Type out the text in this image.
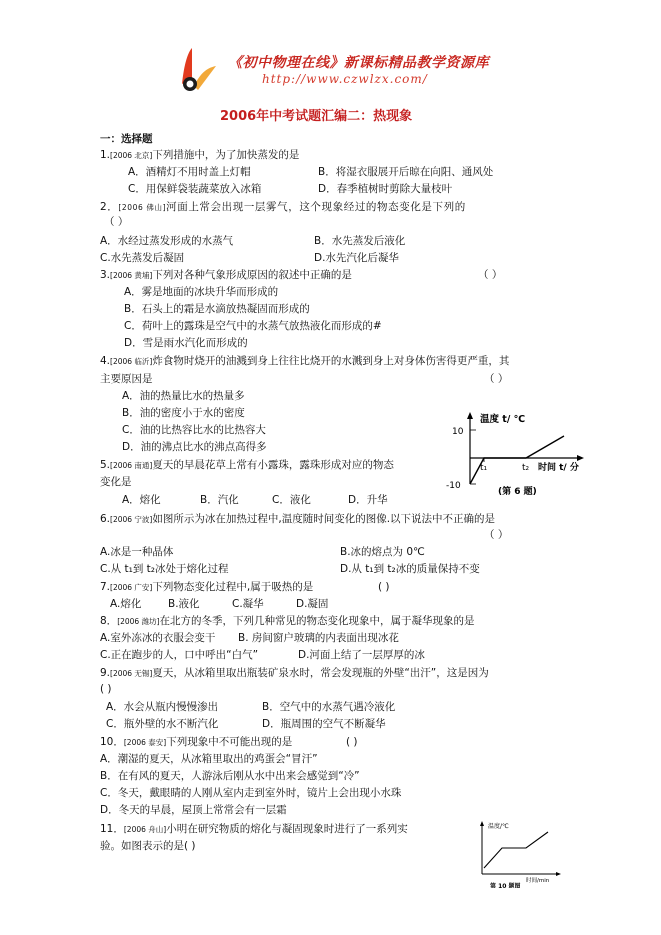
《初中物理在线》新课标精品教学资源库
http://www.czwlzx.com/
2006年中考试题汇编二：热现象
一：选择题
1.[2006 北京]下列措施中，为了加快蒸发的是
A．酒精灯不用时盖上灯帽	B．将湿衣服展开后晾在向阳、通风处
C．用保鲜袋装蔬菜放入冰箱	D．春季植树时剪除大量枝叶
2．[2006 佛山]河面上常会出现一层雾气，这个现象经过的物态变化是下列的
（ ）
A．水经过蒸发形成的水蒸气	B．水先蒸发后液化
C.水先蒸发后凝固	D.水先汽化后凝华
3.[2006 黄埔]下列对各种气象形成原因的叙述中正确的是	（ ）
A．雾是地面的冰块升华而形成的
B．石头上的霜是水滴放热凝固而形成的
C．荷叶上的露珠是空气中的水蒸气放热液化而形成的#
D．雪是雨水汽化而形成的
4.[2006 临沂]炸食物时烧开的油溅到身上往往比烧开的水溅到身上对身体伤害得更严重，其
主要原因是	（ ）
A．油的热量比水的热量多
B．油的密度小于水的密度
C．油的比热容比水的比热容大
D．油的沸点比水的沸点高得多
温度 t/ ℃
10
-10
t₁	t₂ 时间 t/ 分
(第 6 题)
5.[2006 南通]夏天的早晨花草上常有小露珠，露珠形成对应的物态
变化是
A．熔化	B．汽化	C．液化	D．升华
6.[2006 宁波]如图所示为冰在加热过程中,温度随时间变化的图像.以下说法中不正确的是
（ ）
A.冰是一种晶体	B.冰的熔点为 0℃
C.从 t₁到 t₂冰处于熔化过程	D.从 t₁到 t₂冰的质量保持不变
7.[2006 广安]下列物态变化过程中,属于吸热的是	( )
A.熔化	B.液化	C.凝华	D.凝固
8．[2006 潍坊]在北方的冬季，下列几种常见的物态变化现象中，属于凝华现象的是
A.室外冻冰的衣服会变干 B. 房间窗户玻璃的内表面出现冰花
C.正在跑步的人，口中呼出“白气”	D.河面上结了一层厚厚的冰
9.[2006 无锡]夏天，从冰箱里取出瓶装矿泉水时，常会发现瓶的外壁“出汗”，这是因为
( )
A．水会从瓶内慢慢渗出	B．空气中的水蒸气遇冷液化
C．瓶外壁的水不断汽化	D．瓶周围的空气不断凝华
10．[2006 泰安]下列现象中不可能出现的是	( )
A．潮湿的夏天，从冰箱里取出的鸡蛋会“冒汗”
B．在有风的夏天，人游泳后刚从水中出来会感觉到“冷”
C．冬天，戴眼睛的人刚从室内走到室外时，镜片上会出现小水珠
D．冬天的早晨，屋顶上常常会有一层霜
11．[2006 舟山]小明在研究物质的熔化与凝固现象时进行了一系列实
验。如图表示的是( )
温度/℃
时间/min
第 10 题图
